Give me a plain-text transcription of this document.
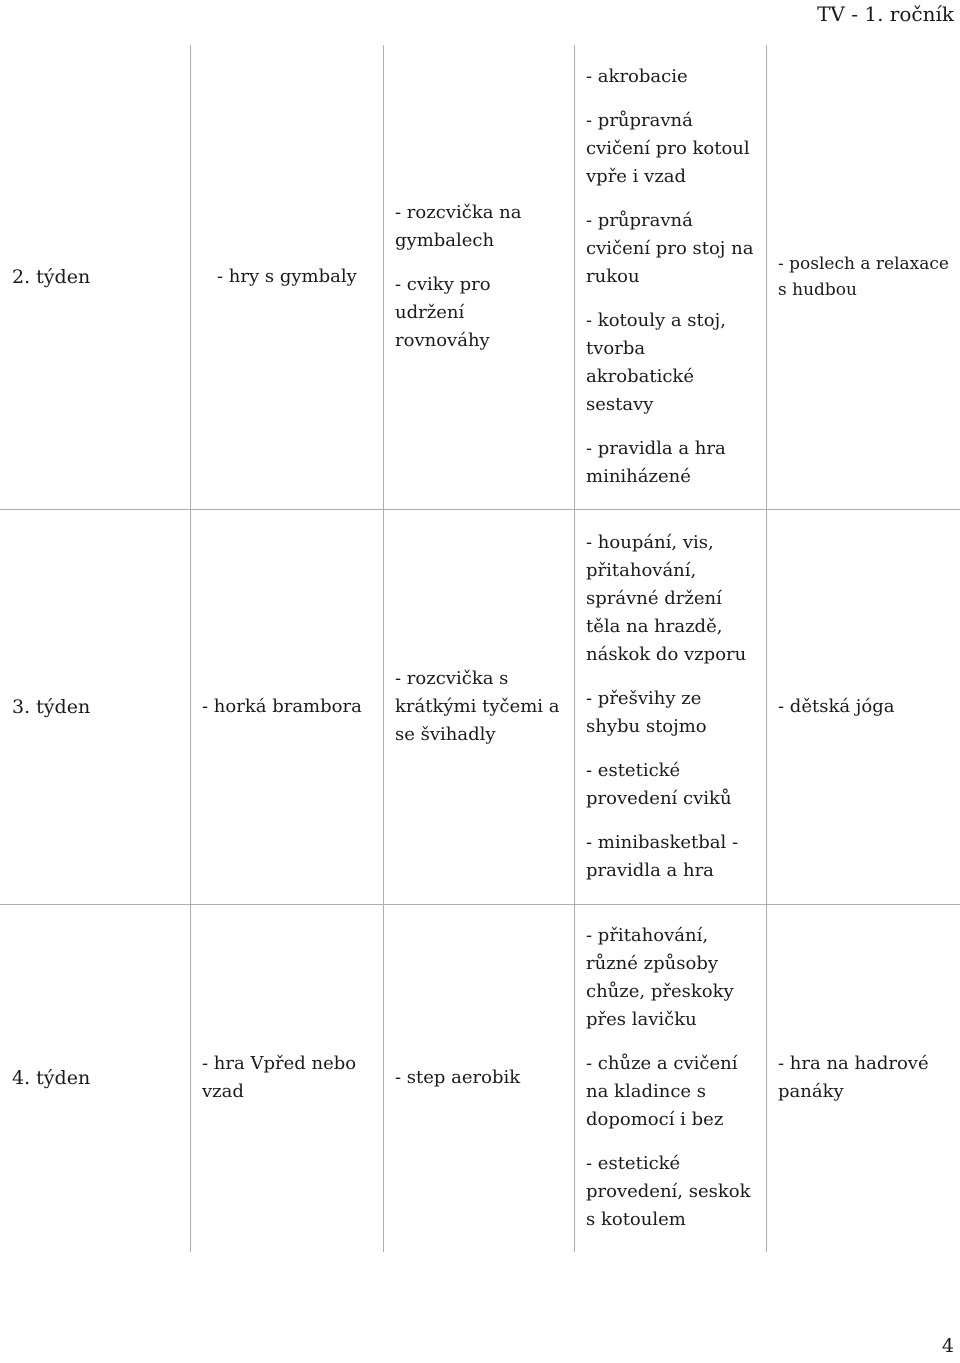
TV - 1. ročník

2. týden	- hry s gymbaly

- rozcvička na gymbalech

- cviky pro udržení rovnováhy

- akrobacie

- průpravná cvičení pro kotoul vpře i vzad

- průpravná cvičení pro stoj na rukou

- kotouly a stoj, tvorba akrobatické sestavy

- pravidla a hra miniházené

- poslech a relaxace s hudbou

3. týden	- horká brambora

- rozcvička s krátkými tyčemi a se švihadly

- houpání, vis, přitahování, správné držení těla na hrazdě, náskok do vzporu

- přešvihy ze shybu stojmo

- estetické provedení cviků

- minibasketbal - pravidla a hra

- dětská jóga

4. týden

- hra Vpřed nebo vzad

- step aerobik

- přitahování, různé způsoby chůze, přeskoky přes lavičku

- chůze a cvičení na kladince s dopomocí i bez

- estetické provedení, seskok s kotoulem

- hra na hadrové panáky

4
